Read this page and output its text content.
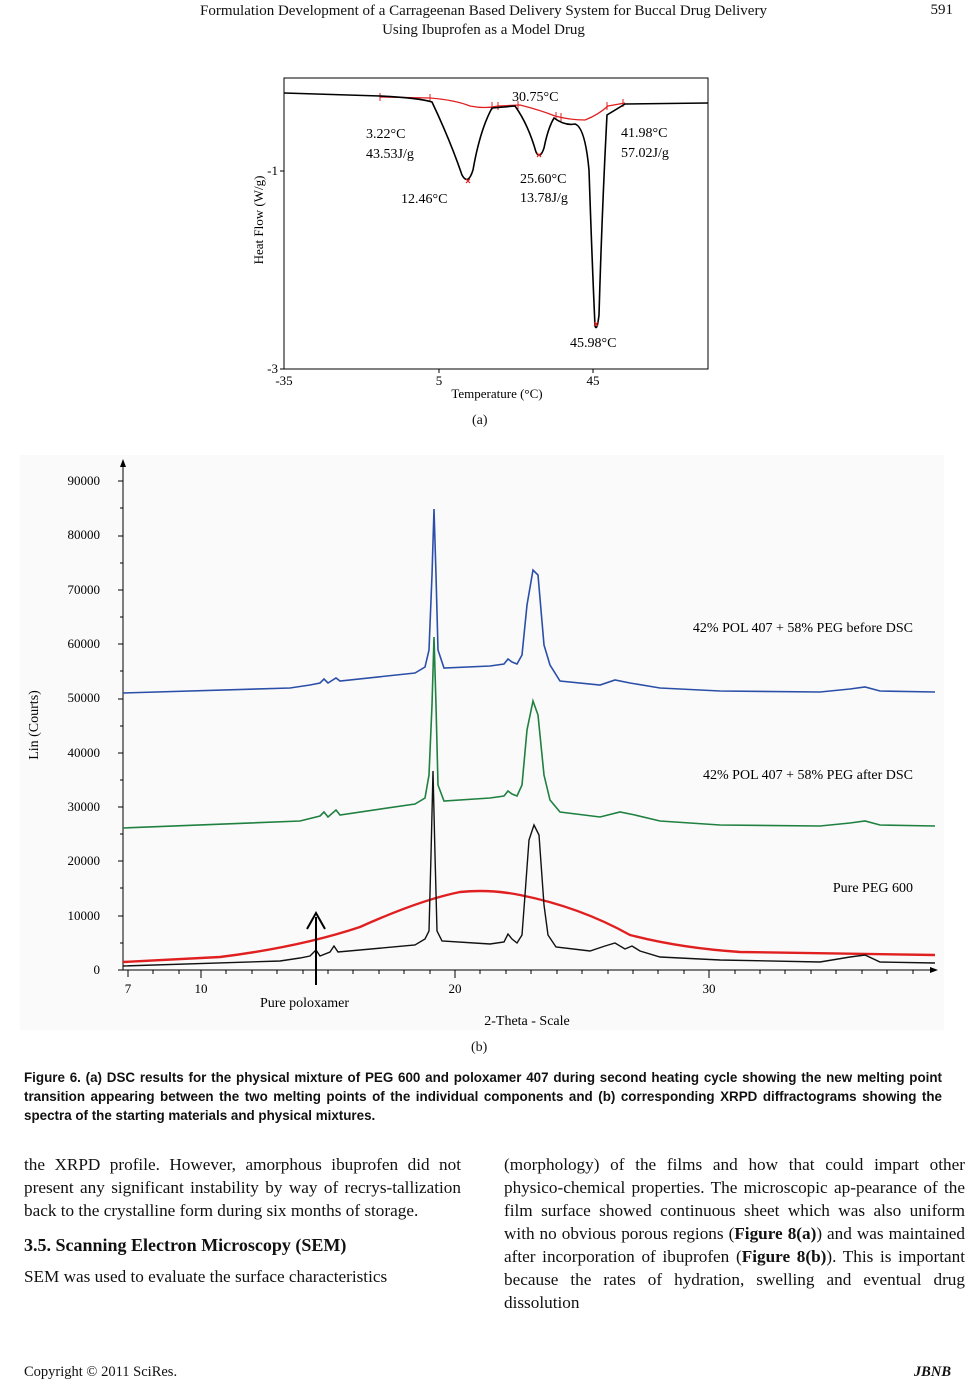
Formulation Development of a Carrageenan Based Delivery System for Buccal Drug Delivery
Using Ibuprofen as a Model Drug
591
-1
-3
-35	5	45
Temperature (°C)
Heat Flow (W/g)
3.22°C
43.53J/g
12.46°C
30.75°C
25.60°C
13.78J/g
41.98°C
57.02J/g
45.98°C
(a)
90000
80000
70000
60000
50000
40000
30000
20000
10000
0
7	10	20	30
2-Theta - Scale
Lin (Courts)
42% POL 407 + 58% PEG before DSC
42% POL 407 + 58% PEG after DSC
Pure PEG 600
Pure poloxamer
(b)
Figure 6. (a) DSC results for the physical mixture of PEG 600 and poloxamer 407 during second heating cycle showing the new melting point transition appearing between the two melting points of the individual components and (b) corresponding XRPD diffractograms showing the spectra of the starting materials and physical mixtures.

the XRPD profile. However, amorphous ibuprofen did not present any significant instability by way of recrys-tallization back to the crystalline form during six months of storage.

3.5. Scanning Electron Microscopy (SEM)

SEM was used to evaluate the surface characteristics

(morphology) of the films and how that could impart other physico-chemical properties. The microscopic ap-pearance of the film surface showed continuous sheet which was also uniform with no obvious porous regions (Figure 8(a)) and was maintained after incorporation of ibuprofen (Figure 8(b)). This is important because the rates of hydration, swelling and eventual drug dissolution

Copyright © 2011 SciRes.	JBNB
